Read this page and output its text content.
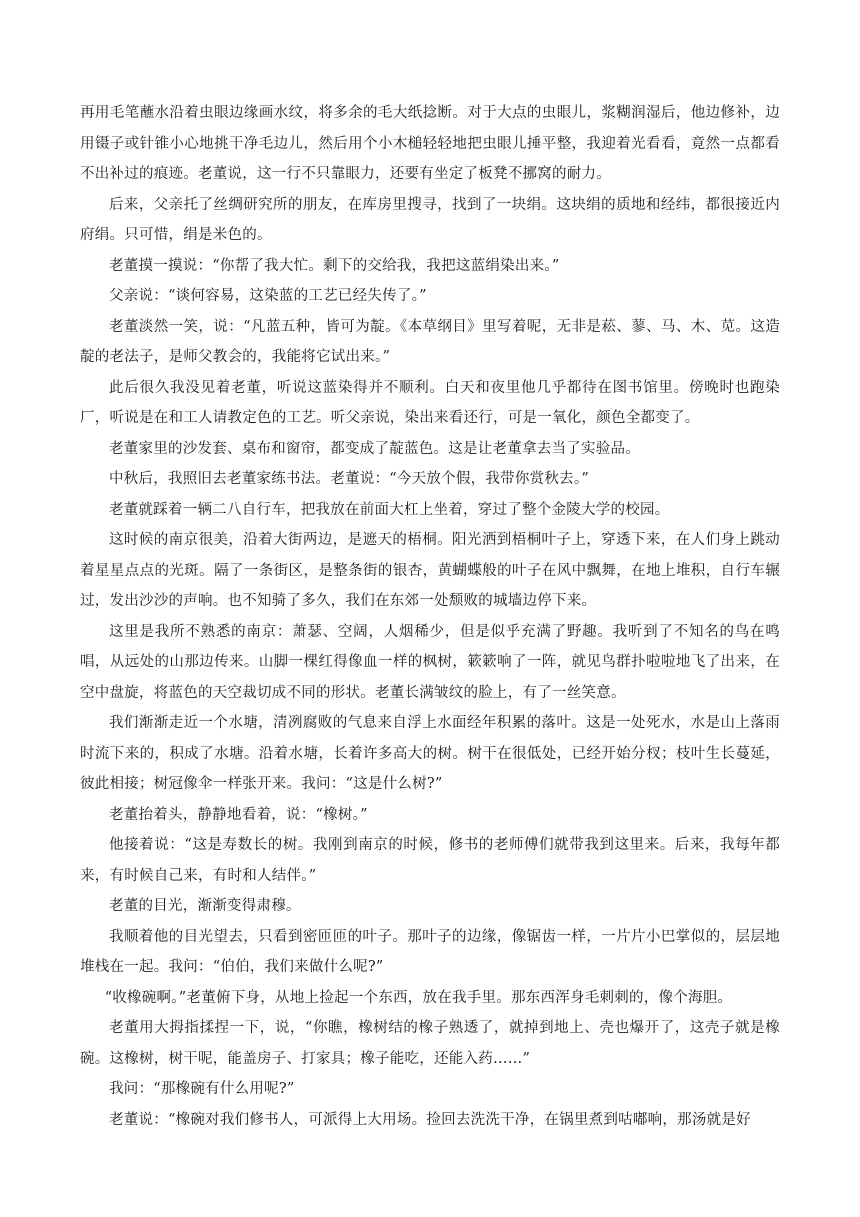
再用毛笔蘸水沿着虫眼边缘画水纹，将多余的毛大纸捻断。对于大点的虫眼儿，浆糊润湿后，他边修补，边用镊子或针锥小心地挑干净毛边儿，然后用个小木槌轻轻地把虫眼儿捶平整，我迎着光看看，竟然一点都看不出补过的痕迹。老董说，这一行不只靠眼力，还要有坐定了板凳不挪窝的耐力。

后来，父亲托了丝绸研究所的朋友，在库房里搜寻，找到了一块绢。这块绢的质地和经纬，都很接近内府绢。只可惜，绢是米色的。

老董摸一摸说：“你帮了我大忙。剩下的交给我，我把这蓝绢染出来。”

父亲说：“谈何容易，这染蓝的工艺已经失传了。”

老董淡然一笑，说：“凡蓝五种，皆可为靛。《本草纲目》里写着呢，无非是菘、蓼、马、木、苋。这造靛的老法子，是师父教会的，我能将它试出来。”

此后很久我没见着老董，听说这蓝染得并不顺利。白天和夜里他几乎都待在图书馆里。傍晚时也跑染厂，听说是在和工人请教定色的工艺。听父亲说，染出来看还行，可是一氧化，颜色全都变了。

老董家里的沙发套、桌布和窗帘，都变成了靛蓝色。这是让老董拿去当了实验品。

中秋后，我照旧去老董家练书法。老董说：“今天放个假，我带你赏秋去。”

老董就踩着一辆二八自行车，把我放在前面大杠上坐着，穿过了整个金陵大学的校园。

这时候的南京很美，沿着大街两边，是遮天的梧桐。阳光洒到梧桐叶子上，穿透下来，在人们身上跳动着星星点点的光斑。隔了一条街区，是整条街的银杏，黄蝴蝶般的叶子在风中飘舞，在地上堆积，自行车辗过，发出沙沙的声响。也不知骑了多久，我们在东郊一处颓败的城墙边停下来。

这里是我所不熟悉的南京：萧瑟、空阔，人烟稀少，但是似乎充满了野趣。我听到了不知名的鸟在鸣唱，从远处的山那边传来。山脚一棵红得像血一样的枫树，簌簌响了一阵，就见鸟群扑啦啦地飞了出来，在空中盘旋，将蓝色的天空裁切成不同的形状。老董长满皱纹的脸上，有了一丝笑意。

我们渐渐走近一个水塘，清冽腐败的气息来自浮上水面经年积累的落叶。这是一处死水，水是山上落雨时流下来的，积成了水塘。沿着水塘，长着许多高大的树。树干在很低处，已经开始分杈；枝叶生长蔓延，彼此相接；树冠像伞一样张开来。我问：“这是什么树?”

老董抬着头，静静地看着，说：“橡树。”

他接着说：“这是寿数长的树。我刚到南京的时候，修书的老师傅们就带我到这里来。后来，我每年都来，有时候自己来，有时和人结伴。”

老董的目光，渐渐变得肃穆。

我顺着他的目光望去，只看到密匝匝的叶子。那叶子的边缘，像锯齿一样，一片片小巴掌似的，层层地堆栈在一起。我问：“伯伯，我们来做什么呢?”

“收橡碗啊。”老董俯下身，从地上捡起一个东西，放在我手里。那东西浑身毛刺刺的，像个海胆。

老董用大拇指揉捏一下，说，“你瞧，橡树结的橡子熟透了，就掉到地上、壳也爆开了，这壳子就是橡碗。这橡树，树干呢，能盖房子、打家具；橡子能吃，还能入药……”

我问：“那橡碗有什么用呢?”

老董说：“橡碗对我们修书人，可派得上大用场。捡回去洗洗干净，在锅里煮到咕嘟响，那汤就是好
